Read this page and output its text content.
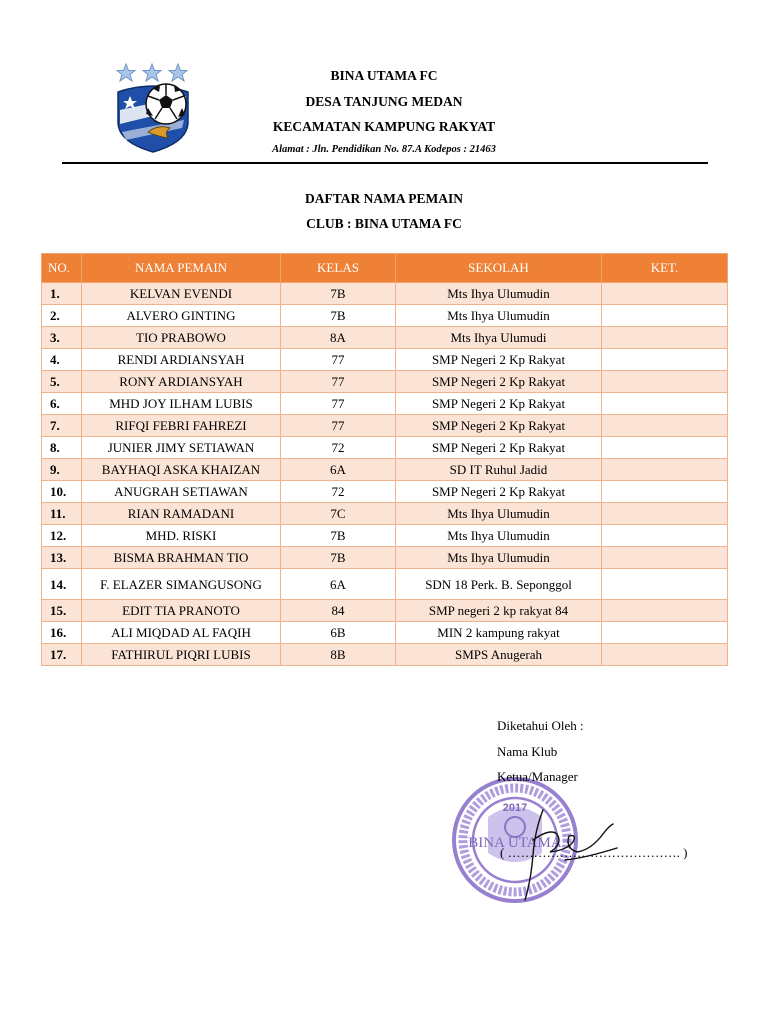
BINA UTAMA FC
DESA TANJUNG MEDAN
KECAMATAN KAMPUNG RAKYAT
Alamat : Jln. Pendidikan No. 87.A Kodepos : 21463
DAFTAR NAMA PEMAIN
CLUB : BINA UTAMA FC
NO.	NAMA PEMAIN	KELAS	SEKOLAH	KET.
1.	KELVAN EVENDI	7B	Mts Ihya Ulumudin	
2.	ALVERO GINTING	7B	Mts Ihya Ulumudin	
3.	TIO PRABOWO	8A	Mts Ihya Ulumudi	
4.	RENDI ARDIANSYAH	77	SMP Negeri 2 Kp Rakyat	
5.	RONY ARDIANSYAH	77	SMP Negeri 2 Kp Rakyat	
6.	MHD JOY ILHAM LUBIS	77	SMP Negeri 2 Kp Rakyat	
7.	RIFQI FEBRI FAHREZI	77	SMP Negeri 2 Kp Rakyat	
8.	JUNIER JIMY SETIAWAN	72	SMP Negeri 2 Kp Rakyat	
9.	BAYHAQI ASKA KHAIZAN	6A	SD IT Ruhul Jadid	
10.	ANUGRAH SETIAWAN	72	SMP Negeri 2 Kp Rakyat	
11.	RIAN RAMADANI	7C	Mts Ihya Ulumudin	
12.	MHD. RISKI	7B	Mts Ihya Ulumudin	
13.	BISMA BRAHMAN TIO	7B	Mts Ihya Ulumudin	
14.	F. ELAZER SIMANGUSONG	6A	SDN 18 Perk. B. Seponggol	
15.	EDIT TIA PRANOTO	84	SMP negeri 2 kp rakyat 84	
16.	ALI MIQDAD AL FAQIH	6B	MIN 2 kampung rakyat	
17.	FATHIRUL PIQRI LUBIS	8B	SMPS Anugerah	
BINA UTAMA
2017
Diketahui Oleh :
Nama Klub
Ketua/Manager
( …………………………………. )
